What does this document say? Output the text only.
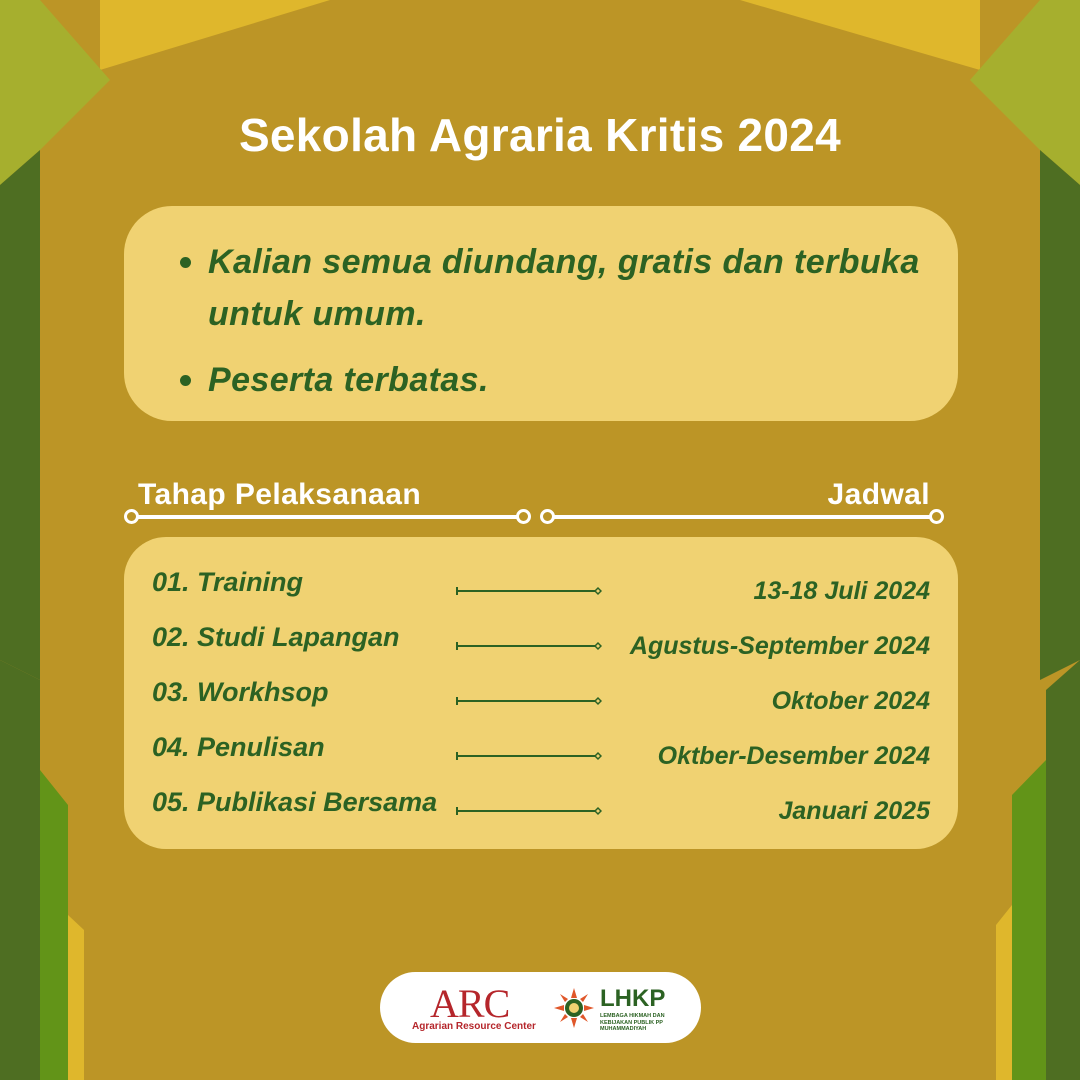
Sekolah Agraria Kritis 2024
Kalian semua diundang, gratis dan terbuka untuk umum.
Peserta terbatas.
Tahap Pelaksanaan	Jadwal
01. Training	13-18 Juli 2024
02. Studi Lapangan	Agustus-September 2024
03. Workhsop	Oktober 2024
04. Penulisan	Oktber-Desember 2024
05. Publikasi Bersama	Januari 2025
ARC
Agrarian Resource Center
LHKP
LEMBAGA HIKMAH DAN KEBIJAKAN PUBLIK PP MUHAMMADIYAH
